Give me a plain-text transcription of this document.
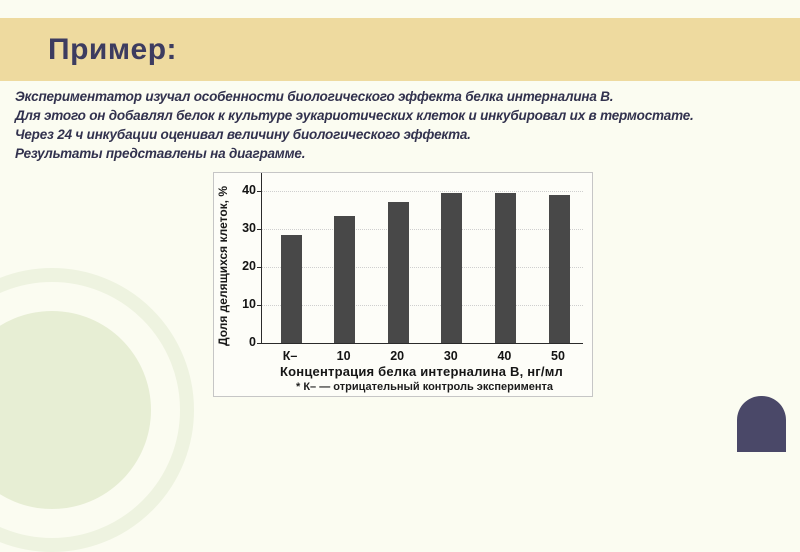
Пример:
Экспериментатор изучал особенности биологического эффекта белка интерналина В.
Для этого он добавлял белок к культуре эукариотических клеток и инкубировал их в термостате.
Через 24 ч инкубации оценивал величину биологического эффекта.
Результаты представлены на диаграмме.
Доля делящихся клеток, %	0
10
20
30
40
К–	10	20	30	40	50
Концентрация белка интерналина В, нг/мл
* К– — отрицательный контроль эксперимента
